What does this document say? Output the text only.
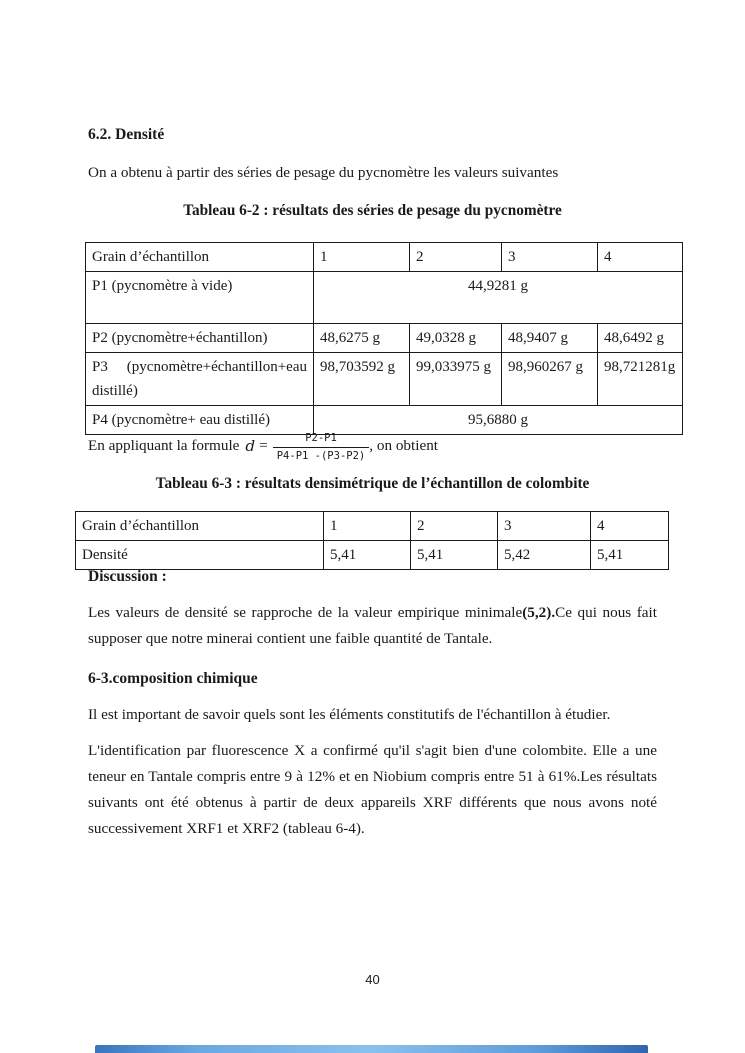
6.2. Densité
On a obtenu à partir des séries de pesage du pycnomètre les valeurs suivantes
Tableau 6-2 : résultats des séries de pesage du pycnomètre
Grain d’échantillon	1	2	3	4
P1 (pycnomètre à vide)	44,9281 g			
P2 (pycnomètre+échantillon)	48,6275 g	49,0328 g	48,9407 g	48,6492 g
P3 (pycnomètre+échantillon+eau distillé)	98,703592 g	99,033975 g	98,960267 g	98,721281g
P4 (pycnomètre+ eau distillé)	95,6880 g			
En appliquant la formule $d = \frac{P2-P1}{P4-P1 -(P3-P2)}$ , on obtient
Tableau 6-3 : résultats densimétrique de l’échantillon de colombite
Grain d’échantillon	1	2	3	4
Densité	5,41	5,41	5,42	5,41
Discussion :
Les valeurs de densité se rapproche de la valeur empirique minimale(5,2).Ce qui nous fait supposer que notre minerai contient une faible quantité de Tantale.
6-3.composition chimique
Il est important de savoir quels sont les éléments constitutifs de l'échantillon à étudier.
L'identification par fluorescence X a confirmé qu'il s'agit bien d'une colombite. Elle a une teneur en Tantale compris entre 9 à 12% et en Niobium compris entre 51 à 61%.Les résultats suivants ont été obtenus à partir de deux appareils XRF différents que nous avons noté successivement XRF1 et XRF2 (tableau 6-4).
40
